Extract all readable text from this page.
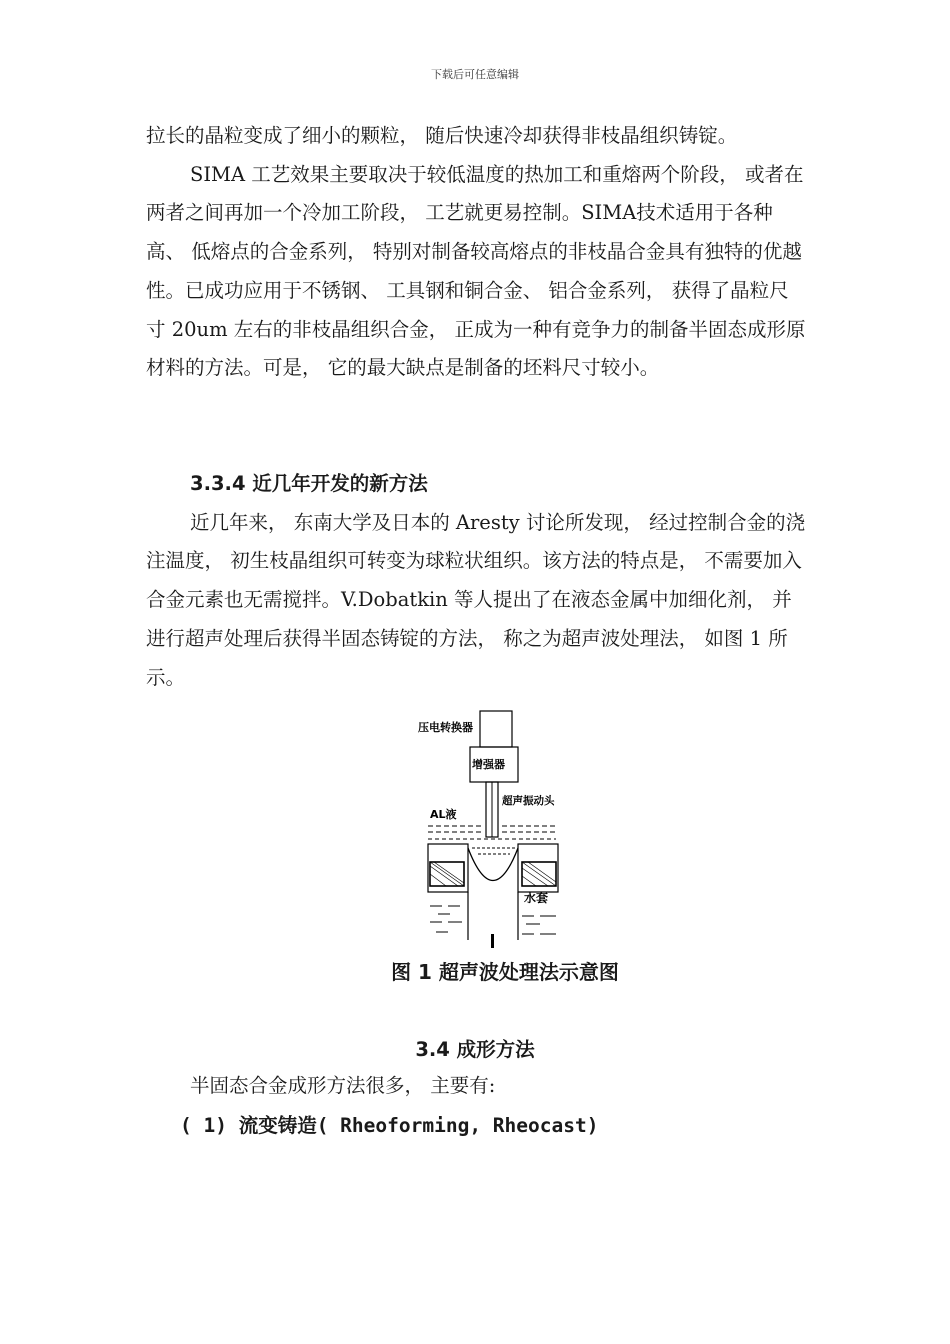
下载后可任意编辑

拉长的晶粒变成了细小的颗粒， 随后快速冷却获得非枝晶组织铸锭。

SIMA 工艺效果主要取决于较低温度的热加工和重熔两个阶段， 或者在两者之间再加一个冷加工阶段， 工艺就更易控制。SIMA技术适用于各种高、 低熔点的合金系列， 特别对制备较高熔点的非枝晶合金具有独特的优越性。已成功应用于不锈钢、 工具钢和铜合金、 铝合金系列， 获得了晶粒尺寸 20um 左右的非枝晶组织合金， 正成为一种有竞争力的制备半固态成形原材料的方法。可是， 它的最大缺点是制备的坯料尺寸较小。

3.3.4 近几年开发的新方法

近几年来， 东南大学及日本的 Aresty 讨论所发现， 经过控制合金的浇注温度， 初生枝晶组织可转变为球粒状组织。该方法的特点是， 不需要加入合金元素也无需搅拌。V.Dobatkin 等人提出了在液态金属中加细化剂， 并进行超声处理后获得半固态铸锭的方法， 称之为超声波处理法， 如图 1 所示。

压电转换器
增强器
超声振动头
AL液
水套
图 1 超声波处理法示意图
3.4 成形方法
半固态合金成形方法很多， 主要有:
( 1) 流变铸造( Rheoforming, Rheocast)
